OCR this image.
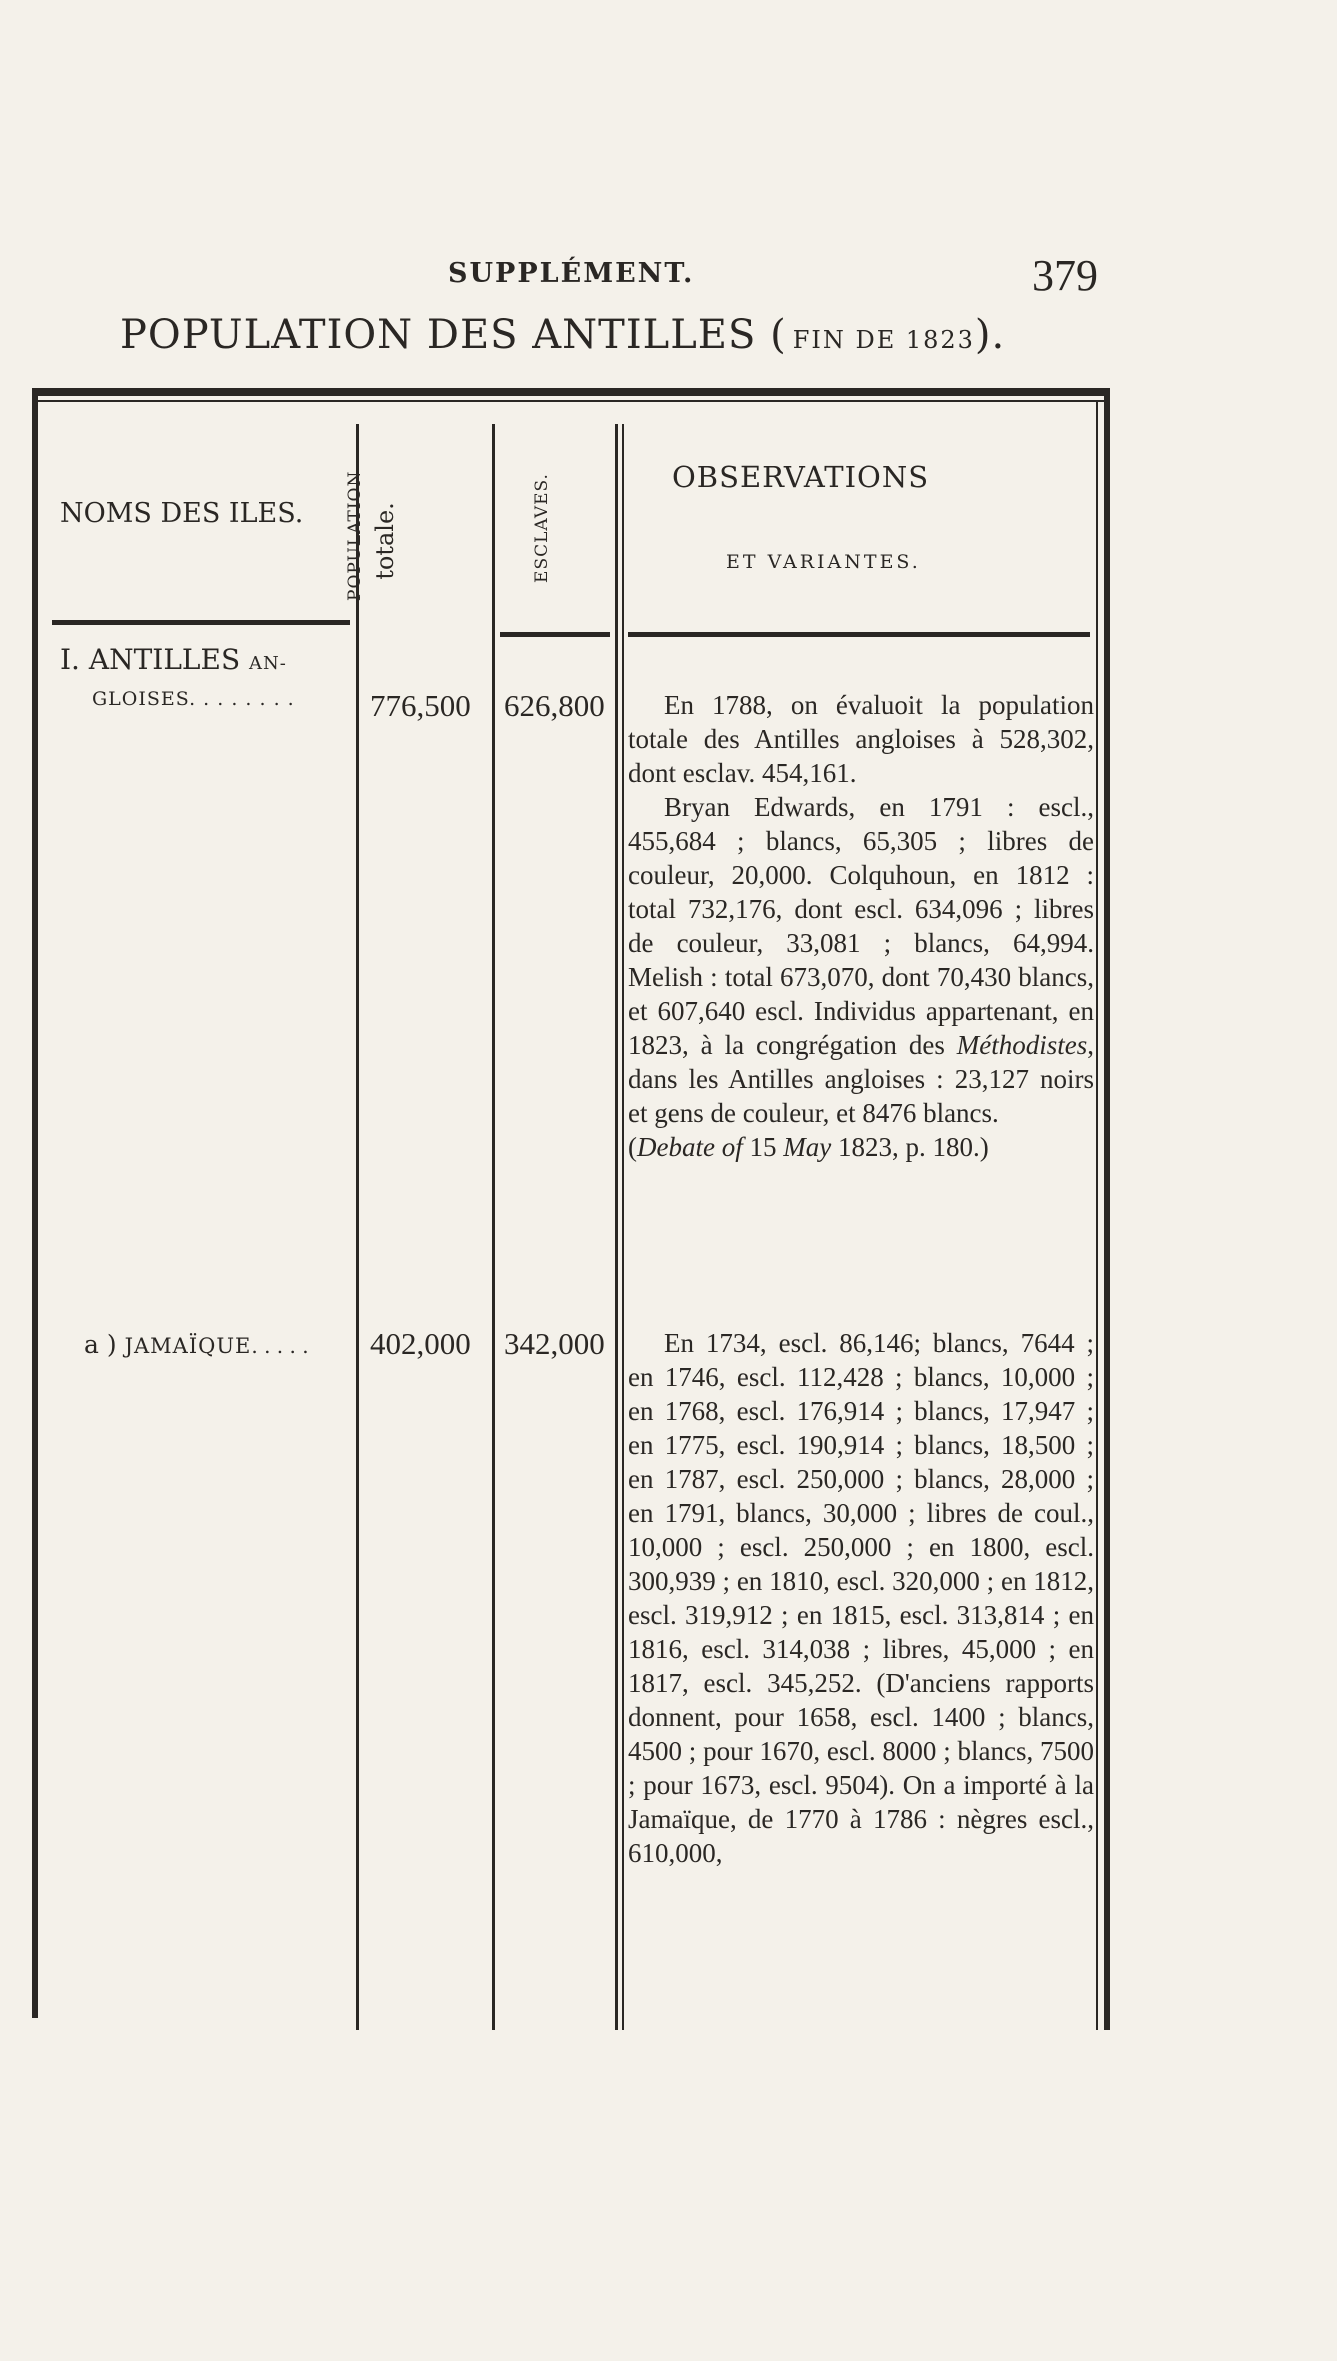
SUPPLÉMENT.	379
POPULATION DES ANTILLES ( FIN DE 1823).
NOMS DES ILES. POPULATION totale.	ESCLAVES.	OBSERVATIONS
ET VARIANTES.
I. ANTILLES AN-
GLOISES. . . . . . . . 776,500 626,800	En 1788, on évaluoit la population totale des Antilles angloises à 528,302, dont esclav. 454,161.

Bryan Edwards, en 1791 : escl., 455,684 ; blancs, 65,305 ; libres de couleur, 20,000. Colquhoun, en 1812 : total 732,176, dont escl. 634,096 ; libres de couleur, 33,081 ; blancs, 64,994. Melish : total 673,070, dont 70,430 blancs, et 607,640 escl. Individus appartenant, en 1823, à la congrégation des Méthodistes, dans les Antilles angloises : 23,127 noirs et gens de couleur, et 8476 blancs.

(Debate of 15 May 1823, p. 180.)

a ) JAMAÏQUE. . . . . 402,000 342,000	En 1734, escl. 86,146; blancs, 7644 ; en 1746, escl. 112,428 ; blancs, 10,000 ; en 1768, escl. 176,914 ; blancs, 17,947 ; en 1775, escl. 190,914 ; blancs, 18,500 ; en 1787, escl. 250,000 ; blancs, 28,000 ; en 1791, blancs, 30,000 ; libres de coul., 10,000 ; escl. 250,000 ; en 1800, escl. 300,939 ; en 1810, escl. 320,000 ; en 1812, escl. 319,912 ; en 1815, escl. 313,814 ; en 1816, escl. 314,038 ; libres, 45,000 ; en 1817, escl. 345,252. (D'anciens rapports donnent, pour 1658, escl. 1400 ; blancs, 4500 ; pour 1670, escl. 8000 ; blancs, 7500 ; pour 1673, escl. 9504). On a importé à la Jamaïque, de 1770 à 1786 : nègres escl., 610,000,
